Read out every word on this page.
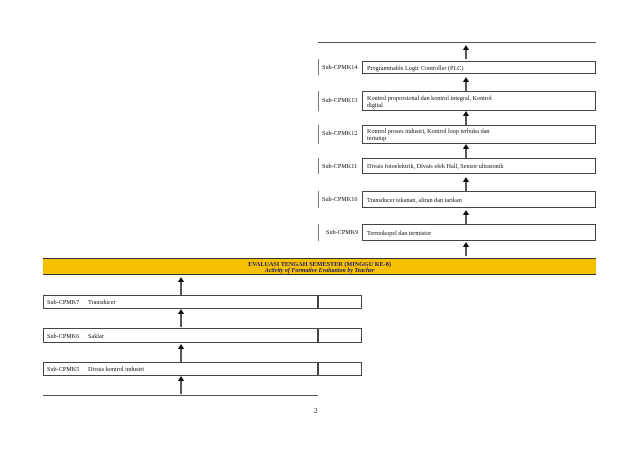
Sub-CPMK14 Programmable Logic Controller (PLC)
Sub-CPMK13 Kontrol proporsional dan kontrol integral, Kontrol digital
Sub-CPMK12 Kontrol proses industri, Kontrol loop terbuka dan tertutup
Sub-CPMK11 Divais fotoelektrik, Divais efek Hall, Sensor ultrasonik
Sub-CPMK10 Transducer tekanan, aliran dan tarikan
Sub-CPMK9 Termokopel dan termistor
EVALUASI TENGAH SEMESTER (MINGGU KE-8)
Activity of Formative Evaluation by Teacher
Sub-CPMK7 Transducer
Sub-CPMK6 Saklar
Sub-CPMK5 Divais kontrol industri
2
